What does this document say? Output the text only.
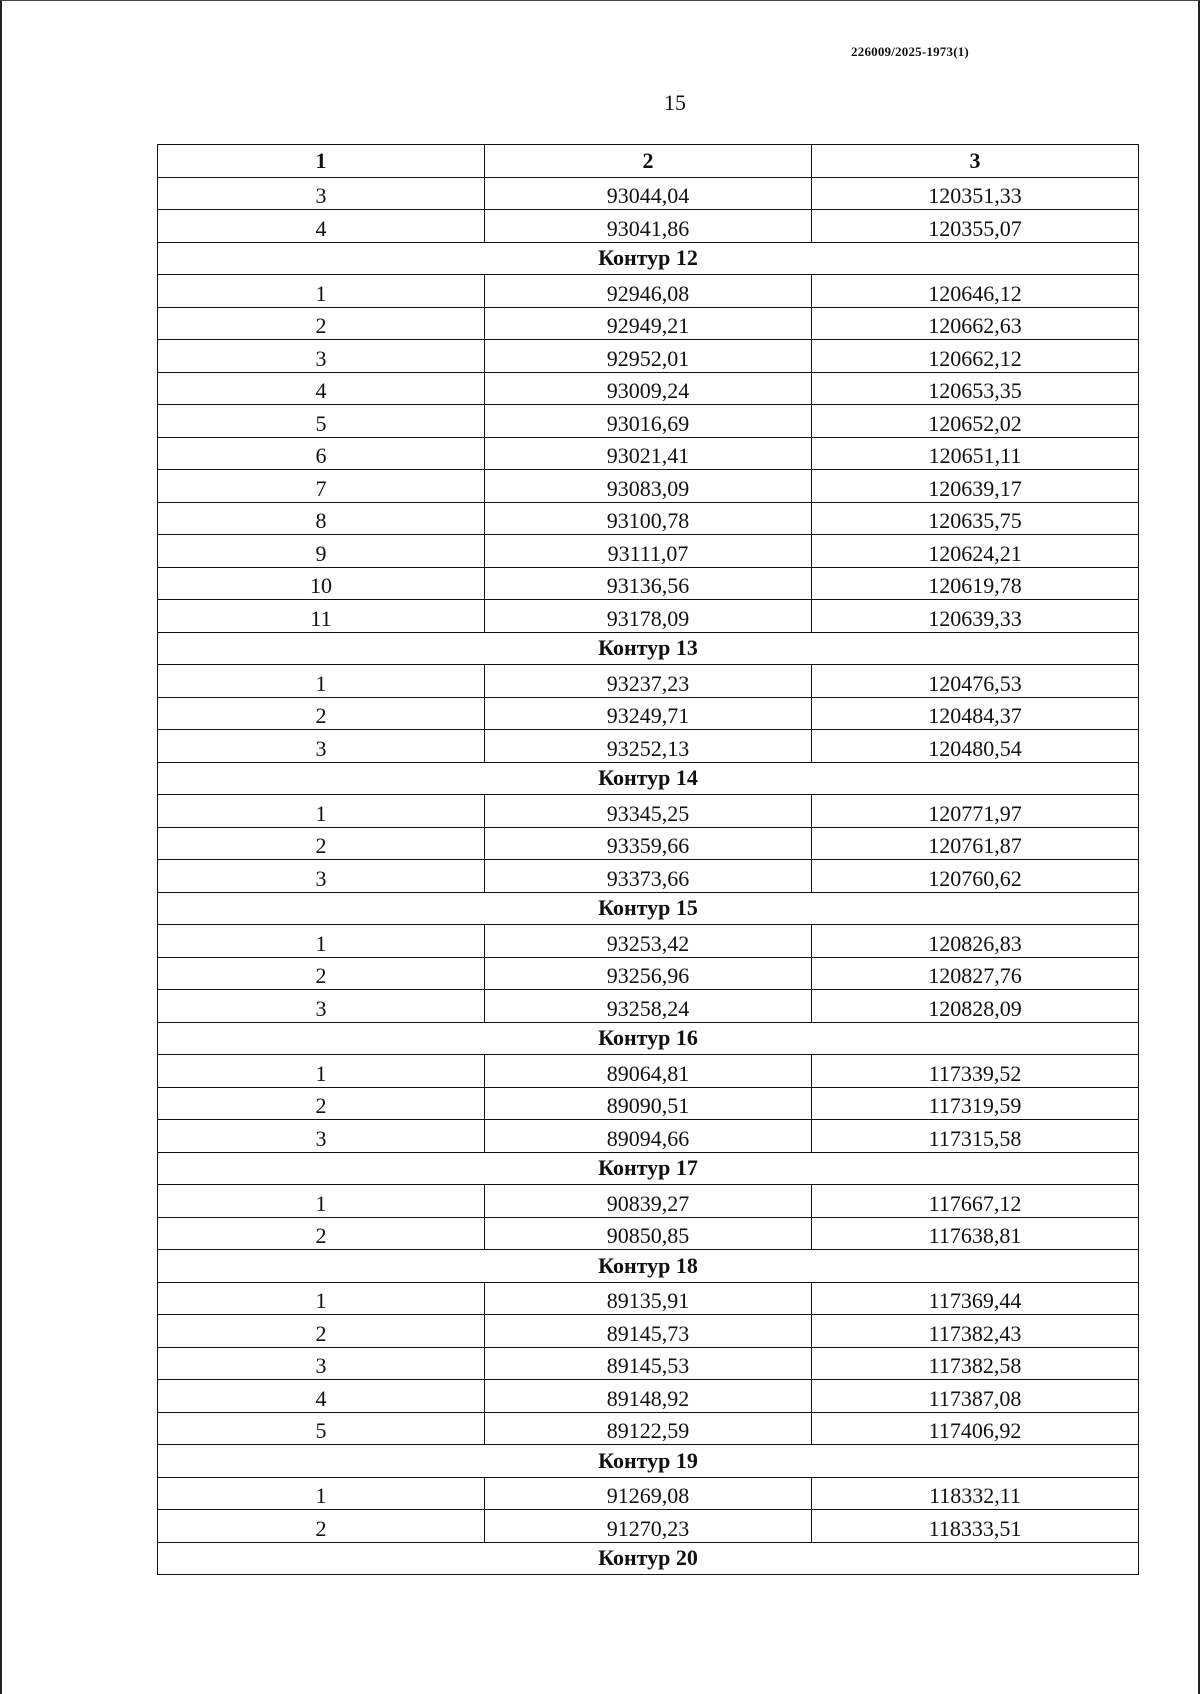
226009/2025-1973(1)
15
1	2	3
3	93044,04	120351,33
4	93041,86	120355,07
Контур 12		
1	92946,08	120646,12
2	92949,21	120662,63
3	92952,01	120662,12
4	93009,24	120653,35
5	93016,69	120652,02
6	93021,41	120651,11
7	93083,09	120639,17
8	93100,78	120635,75
9	93111,07	120624,21
10	93136,56	120619,78
11	93178,09	120639,33
Контур 13		
1	93237,23	120476,53
2	93249,71	120484,37
3	93252,13	120480,54
Контур 14		
1	93345,25	120771,97
2	93359,66	120761,87
3	93373,66	120760,62
Контур 15		
1	93253,42	120826,83
2	93256,96	120827,76
3	93258,24	120828,09
Контур 16		
1	89064,81	117339,52
2	89090,51	117319,59
3	89094,66	117315,58
Контур 17		
1	90839,27	117667,12
2	90850,85	117638,81
Контур 18		
1	89135,91	117369,44
2	89145,73	117382,43
3	89145,53	117382,58
4	89148,92	117387,08
5	89122,59	117406,92
Контур 19		
1	91269,08	118332,11
2	91270,23	118333,51
Контур 20		
